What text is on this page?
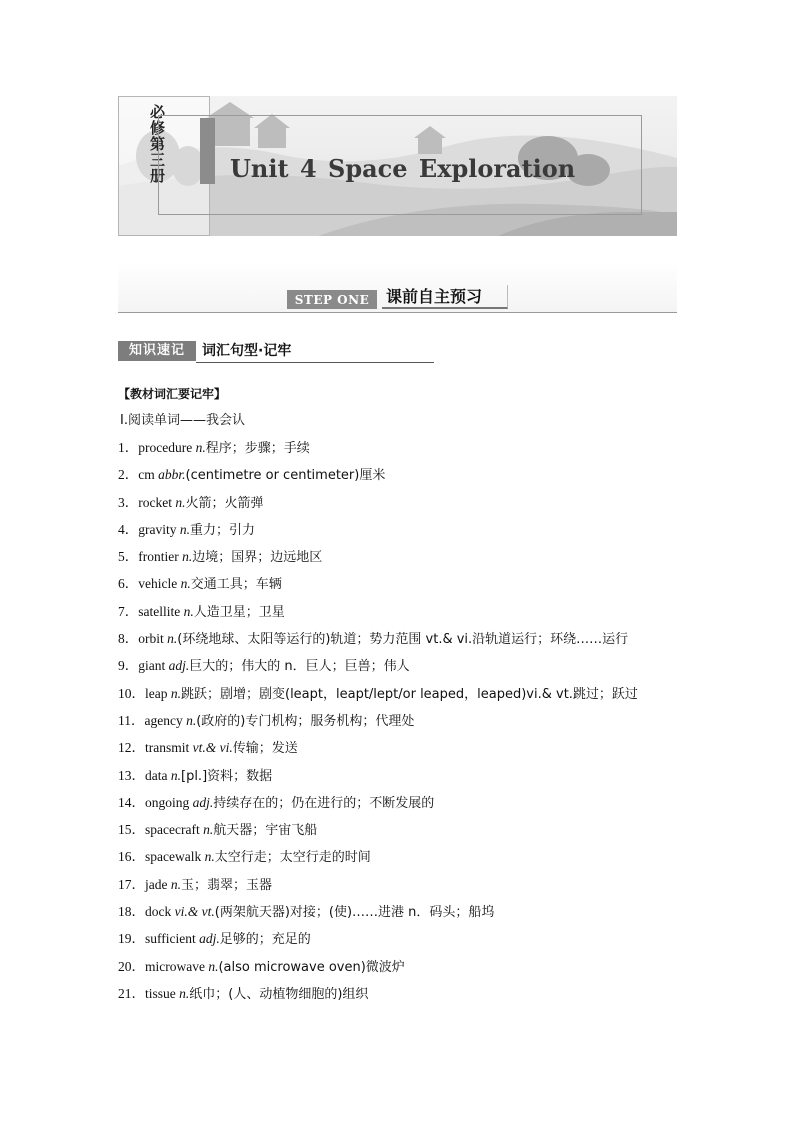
必修第三册	Unit 4 Space Exploration
STEP ONE	课前自主预习
知识速记	词汇句型·记牢
【教材词汇要记牢】
Ⅰ.阅读单词——我会认
1．procedure n.程序；步骤；手续
2．cm abbr.(centimetre or centimeter)厘米
3．rocket n.火箭；火箭弹
4．gravity n.重力；引力
5．frontier n.边境；国界；边远地区
6．vehicle n.交通工具；车辆
7．satellite n.人造卫星；卫星
8．orbit n.(环绕地球、太阳等运行的)轨道；势力范围 vt.& vi.沿轨道运行；环绕……运行
9．giant adj.巨大的；伟大的 n．巨人；巨兽；伟人
10．leap n.跳跃；剧增；剧变(leapt，leapt/lept/or leaped，leaped)vi.& vt.跳过；跃过
11．agency n.(政府的)专门机构；服务机构；代理处
12．transmit vt.& vi.传输；发送
13．data n.[pl.]资料；数据
14．ongoing adj.持续存在的；仍在进行的；不断发展的
15．spacecraft n.航天器；宇宙飞船
16．spacewalk n.太空行走；太空行走的时间
17．jade n.玉；翡翠；玉器
18．dock vi.& vt.(两架航天器)对接；(使)……进港 n．码头；船坞
19．sufficient adj.足够的；充足的
20．microwave n.(also microwave oven)微波炉
21．tissue n.纸巾；(人、动植物细胞的)组织
